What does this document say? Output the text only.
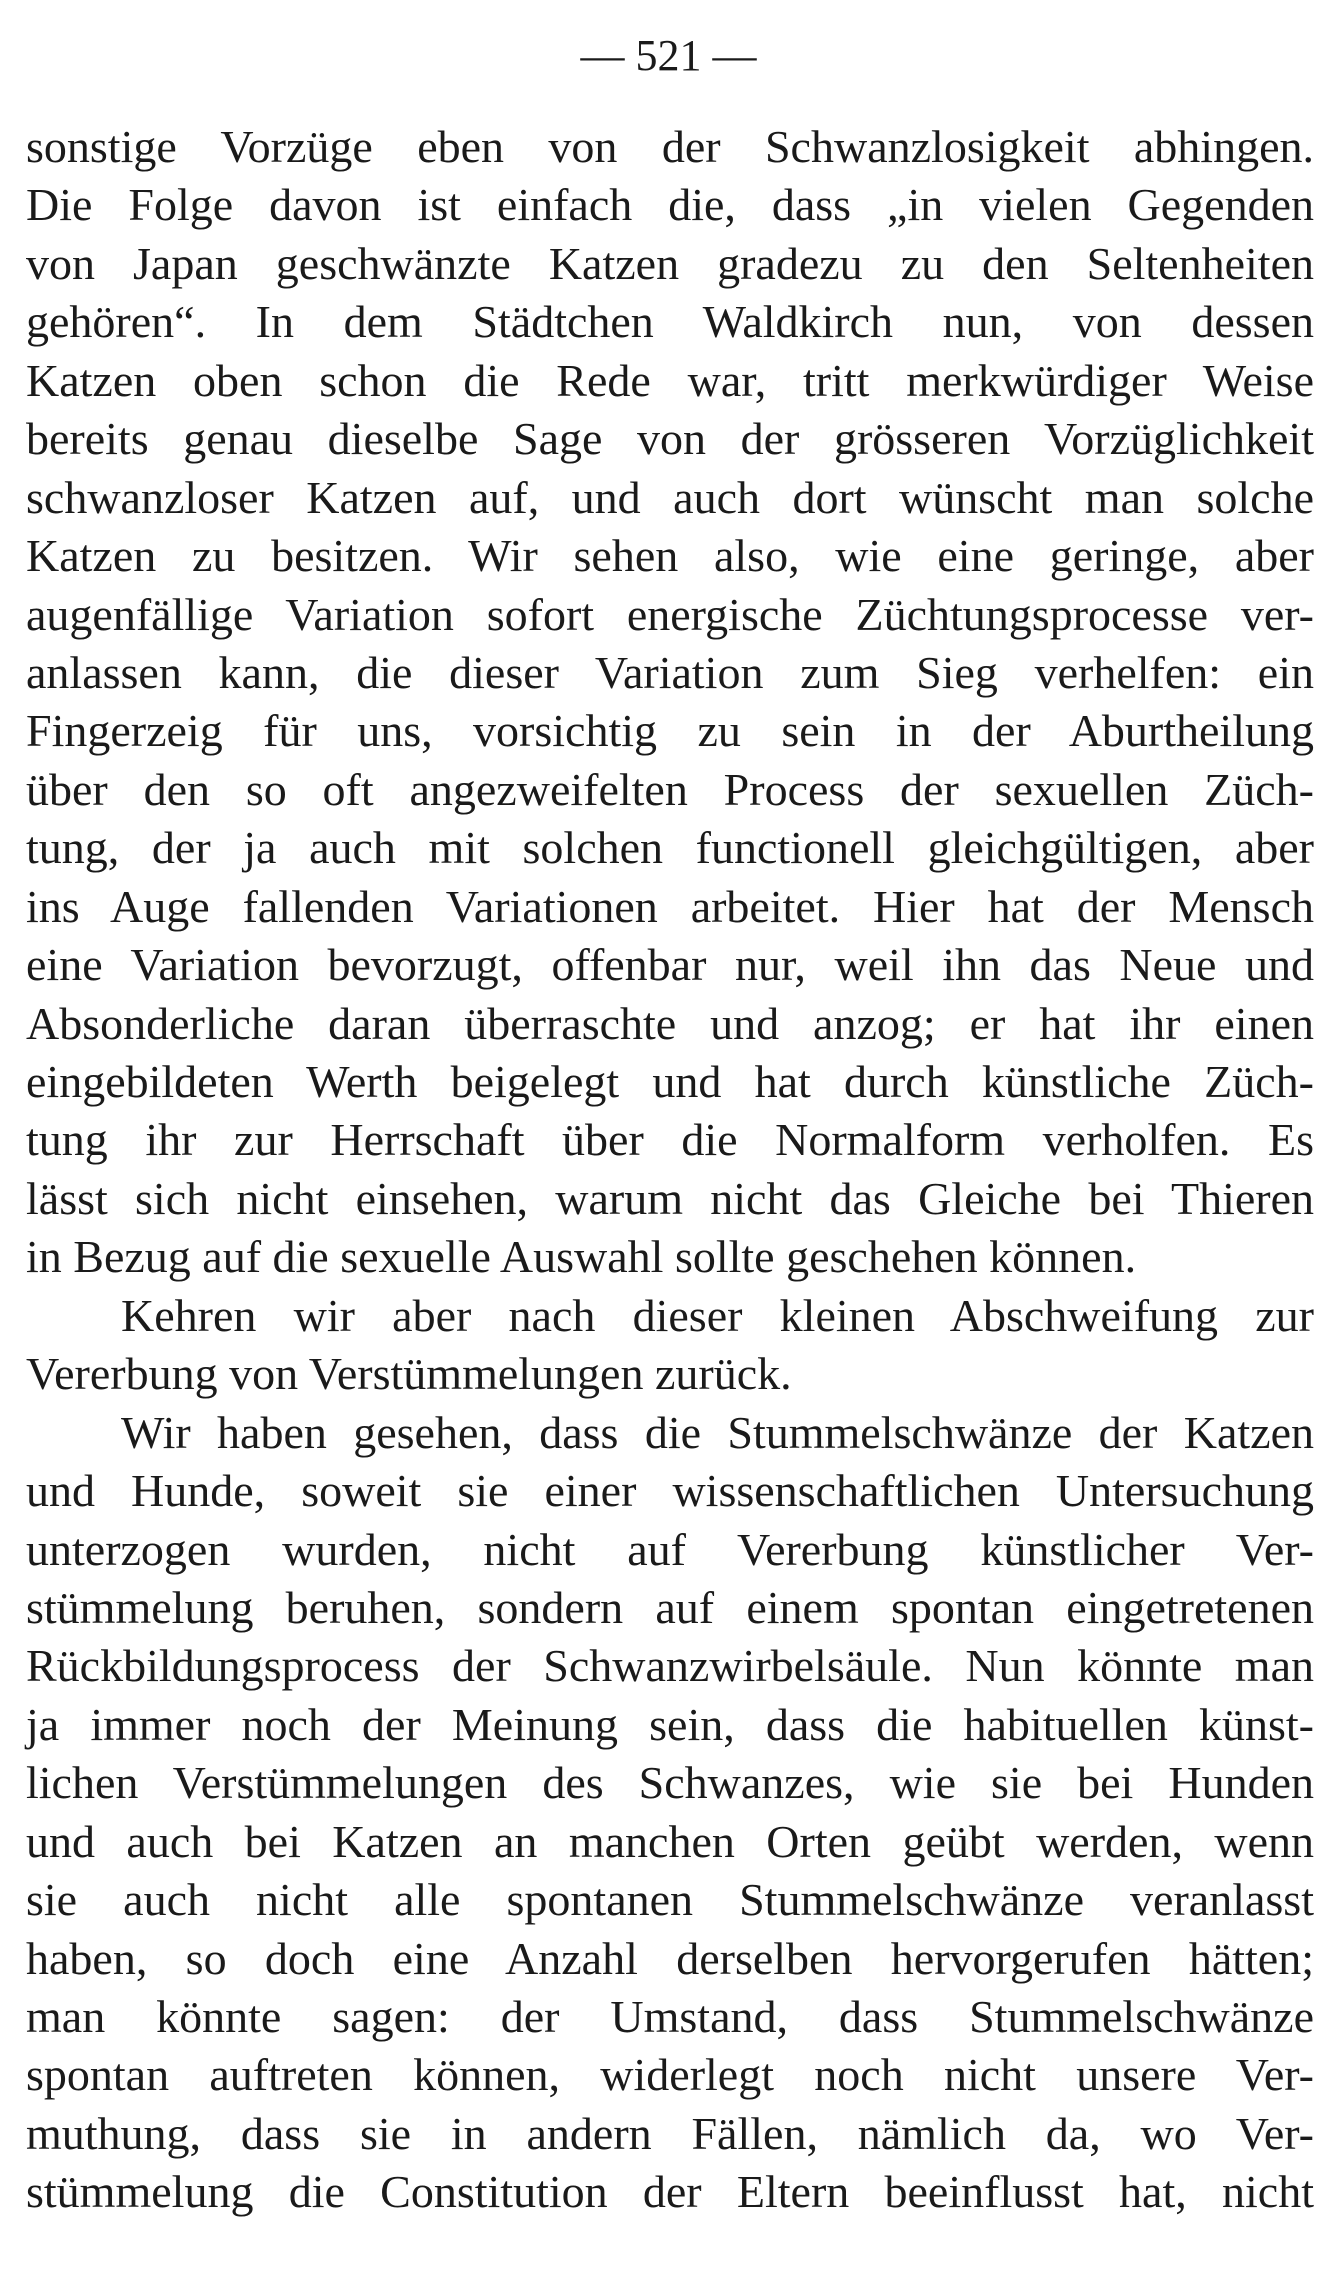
— 521 —
sonstige Vorzüge eben von der Schwanzlosigkeit abhingen.
Die Folge davon ist einfach die, dass „in vielen Gegenden
von Japan geschwänzte Katzen gradezu zu den Seltenheiten
gehören“. In dem Städtchen Waldkirch nun, von dessen
Katzen oben schon die Rede war, tritt merkwürdiger Weise
bereits genau dieselbe Sage von der grösseren Vorzüglichkeit
schwanzloser Katzen auf, und auch dort wünscht man solche
Katzen zu besitzen. Wir sehen also, wie eine geringe, aber
augenfällige Variation sofort energische Züchtungsprocesse ver-
anlassen kann, die dieser Variation zum Sieg verhelfen: ein
Fingerzeig für uns, vorsichtig zu sein in der Aburtheilung
über den so oft angezweifelten Process der sexuellen Züch-
tung, der ja auch mit solchen functionell gleichgültigen, aber
ins Auge fallenden Variationen arbeitet. Hier hat der Mensch
eine Variation bevorzugt, offenbar nur, weil ihn das Neue und
Absonderliche daran überraschte und anzog; er hat ihr einen
eingebildeten Werth beigelegt und hat durch künstliche Züch-
tung ihr zur Herrschaft über die Normalform verholfen. Es
lässt sich nicht einsehen, warum nicht das Gleiche bei Thieren
in Bezug auf die sexuelle Auswahl sollte geschehen können.
Kehren wir aber nach dieser kleinen Abschweifung zur
Vererbung von Verstümmelungen zurück.
Wir haben gesehen, dass die Stummelschwänze der Katzen
und Hunde, soweit sie einer wissenschaftlichen Untersuchung
unterzogen wurden, nicht auf Vererbung künstlicher Ver-
stümmelung beruhen, sondern auf einem spontan eingetretenen
Rückbildungsprocess der Schwanzwirbelsäule. Nun könnte man
ja immer noch der Meinung sein, dass die habituellen künst-
lichen Verstümmelungen des Schwanzes, wie sie bei Hunden
und auch bei Katzen an manchen Orten geübt werden, wenn
sie auch nicht alle spontanen Stummelschwänze veranlasst
haben, so doch eine Anzahl derselben hervorgerufen hätten;
man könnte sagen: der Umstand, dass Stummelschwänze
spontan auftreten können, widerlegt noch nicht unsere Ver-
muthung, dass sie in andern Fällen, nämlich da, wo Ver-
stümmelung die Constitution der Eltern beeinflusst hat, nicht
